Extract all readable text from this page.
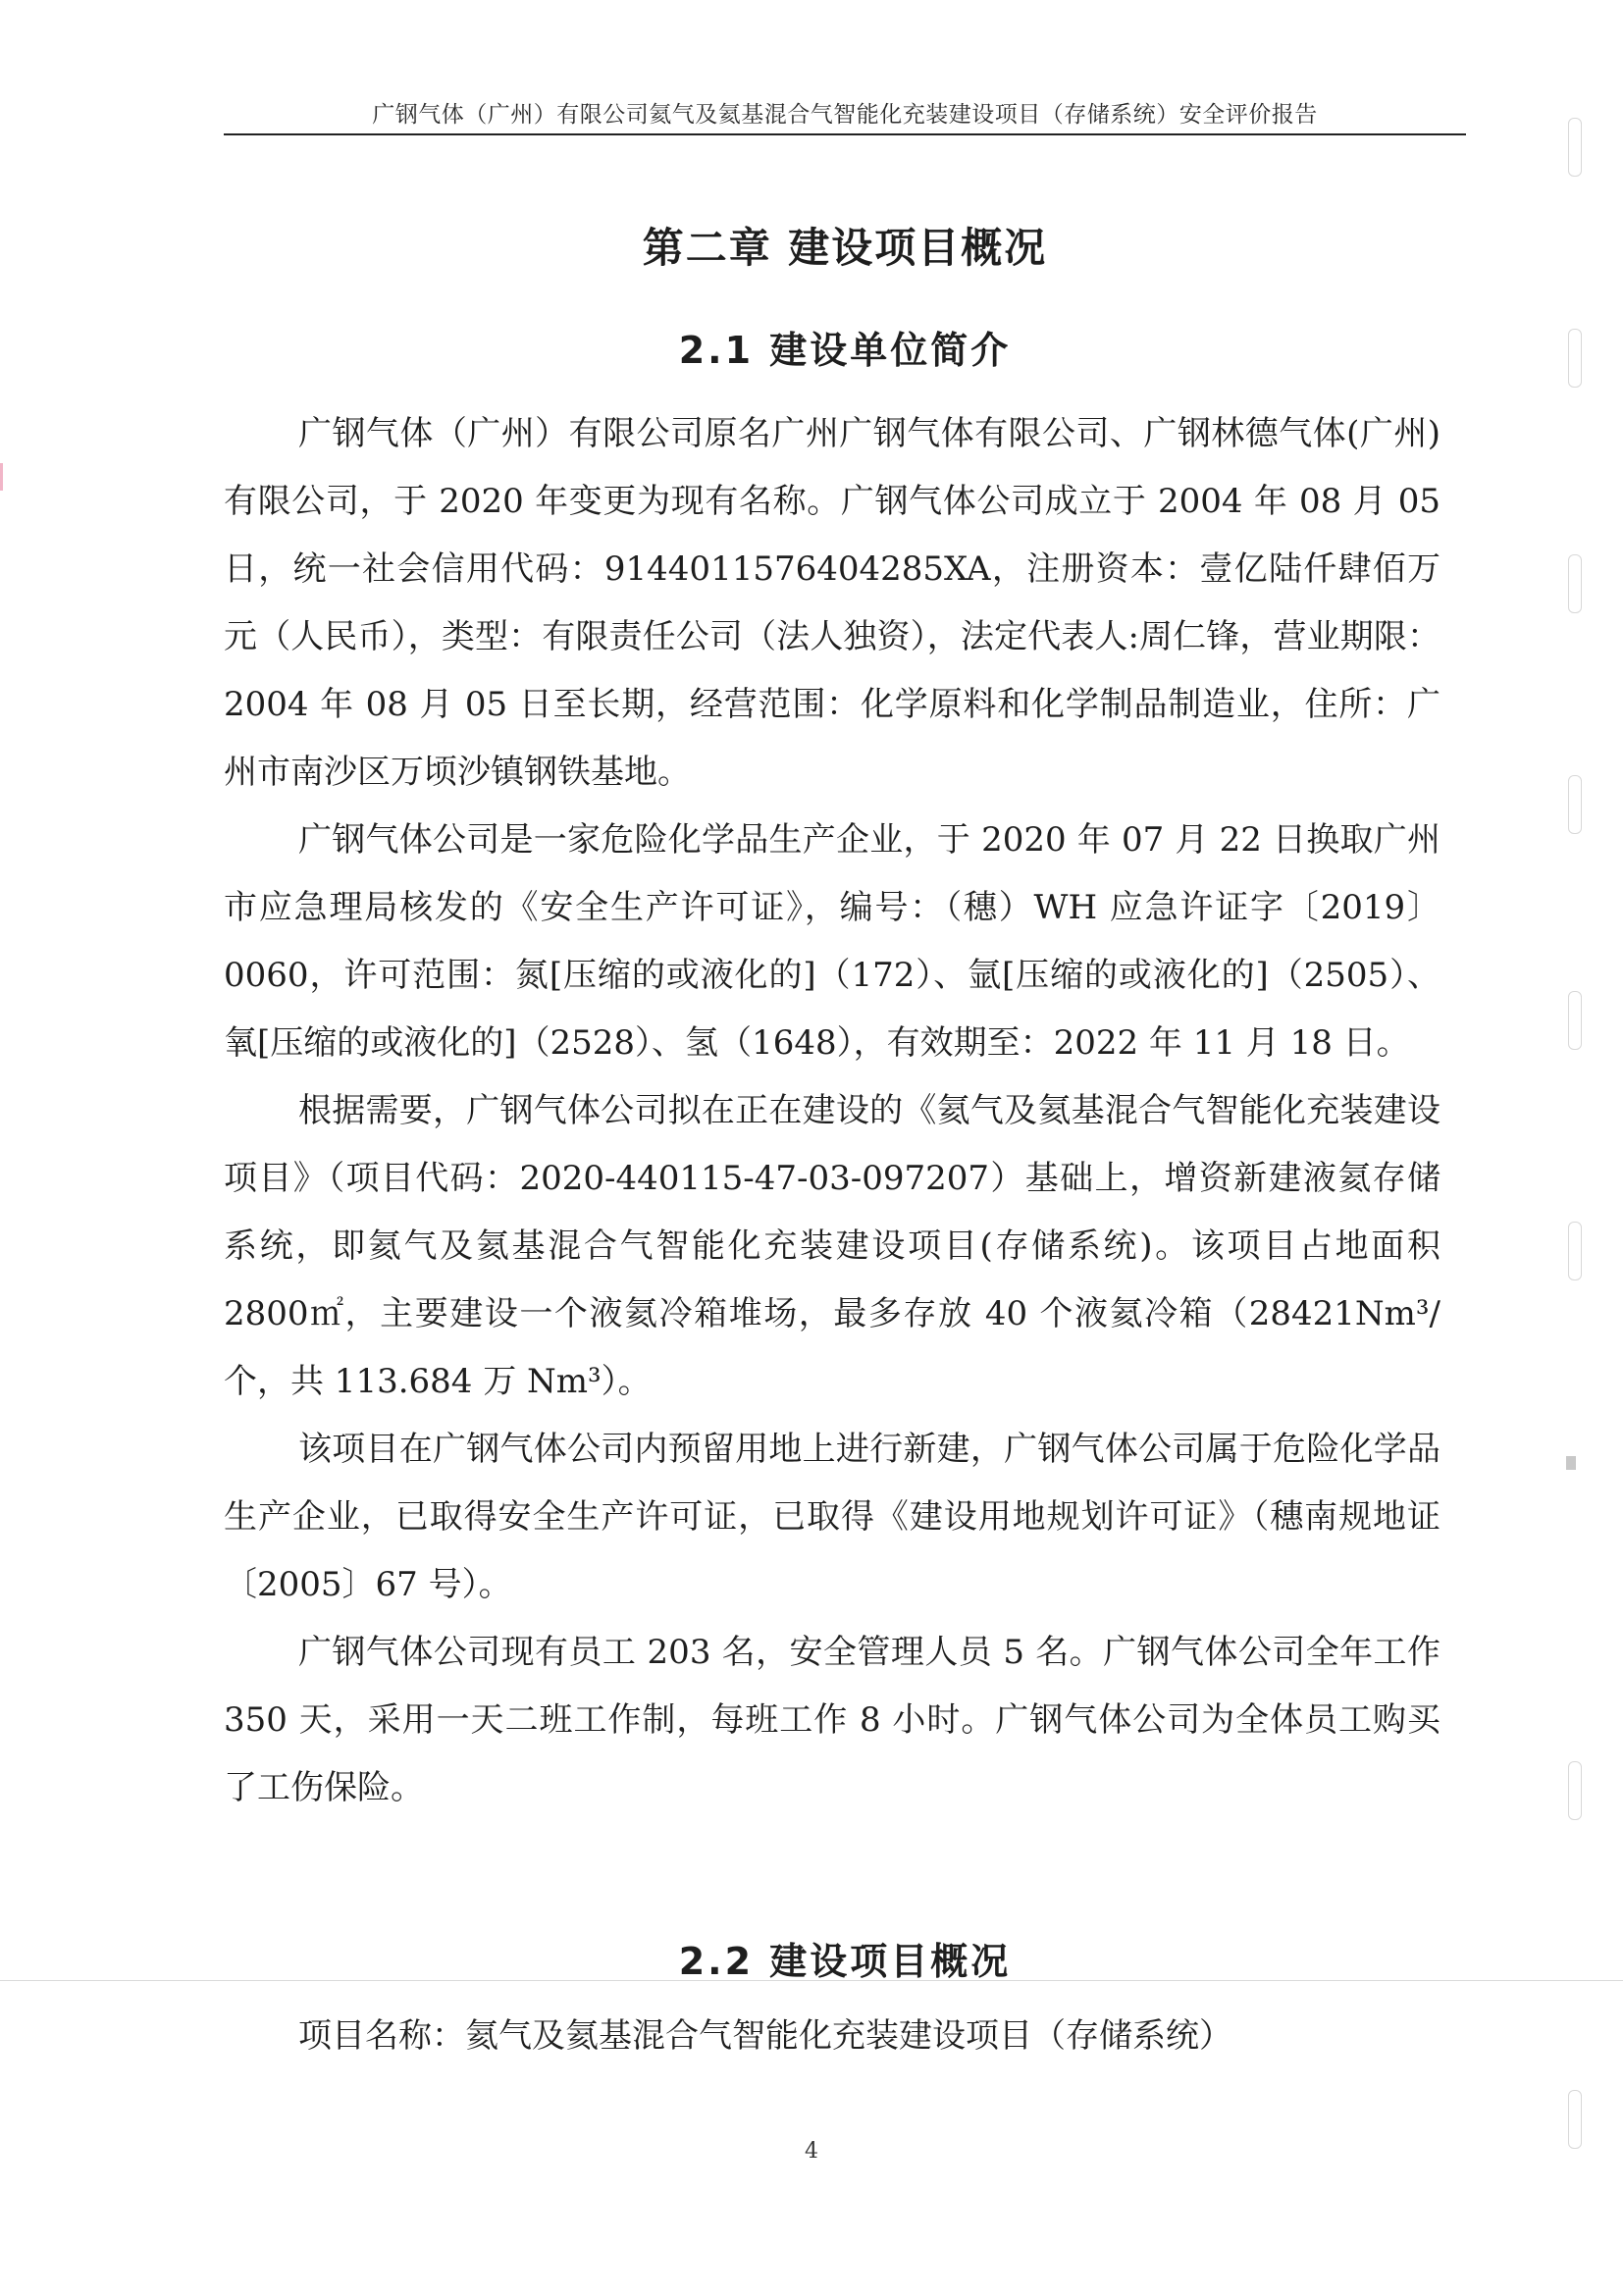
广钢气体（广州）有限公司氦气及氦基混合气智能化充装建设项目（存储系统）安全评价报告
第二章 建设项目概况
2.1 建设单位简介

广钢气体（广州）有限公司原名广州广钢气体有限公司、广钢林德气体(广州)有限公司，于 2020 年变更为现有名称。广钢气体公司成立于 2004 年 08 月 05 日，统一社会信用代码：9144011576404285XA，注册资本：壹亿陆仟肆佰万元（人民币），类型：有限责任公司（法人独资），法定代表人:周仁锋，营业期限：2004 年 08 月 05 日至长期，经营范围：化学原料和化学制品制造业，住所：广州市南沙区万顷沙镇钢铁基地。

广钢气体公司是一家危险化学品生产企业，于 2020 年 07 月 22 日换取广州市应急理局核发的《安全生产许可证》，编号：（穗）WH 应急许证字〔2019〕0060，许可范围：氮[压缩的或液化的]（172）、氩[压缩的或液化的]（2505）、氧[压缩的或液化的]（2528）、氢（1648），有效期至：2022 年 11 月 18 日。

根据需要，广钢气体公司拟在正在建设的《氦气及氦基混合气智能化充装建设项目》（项目代码：2020-440115-47-03-097207）基础上，增资新建液氦存储系统，即氦气及氦基混合气智能化充装建设项目(存储系统)。该项目占地面积 2800㎡，主要建设一个液氦冷箱堆场，最多存放 40 个液氦冷箱（28421Nm³/个，共 113.684 万 Nm³）。

该项目在广钢气体公司内预留用地上进行新建，广钢气体公司属于危险化学品生产企业，已取得安全生产许可证，已取得《建设用地规划许可证》（穗南规地证〔2005〕67 号）。

广钢气体公司现有员工 203 名，安全管理人员 5 名。广钢气体公司全年工作 350 天，采用一天二班工作制，每班工作 8 小时。广钢气体公司为全体员工购买了工伤保险。

2.2 建设项目概况
项目名称：氦气及氦基混合气智能化充装建设项目（存储系统）
4
